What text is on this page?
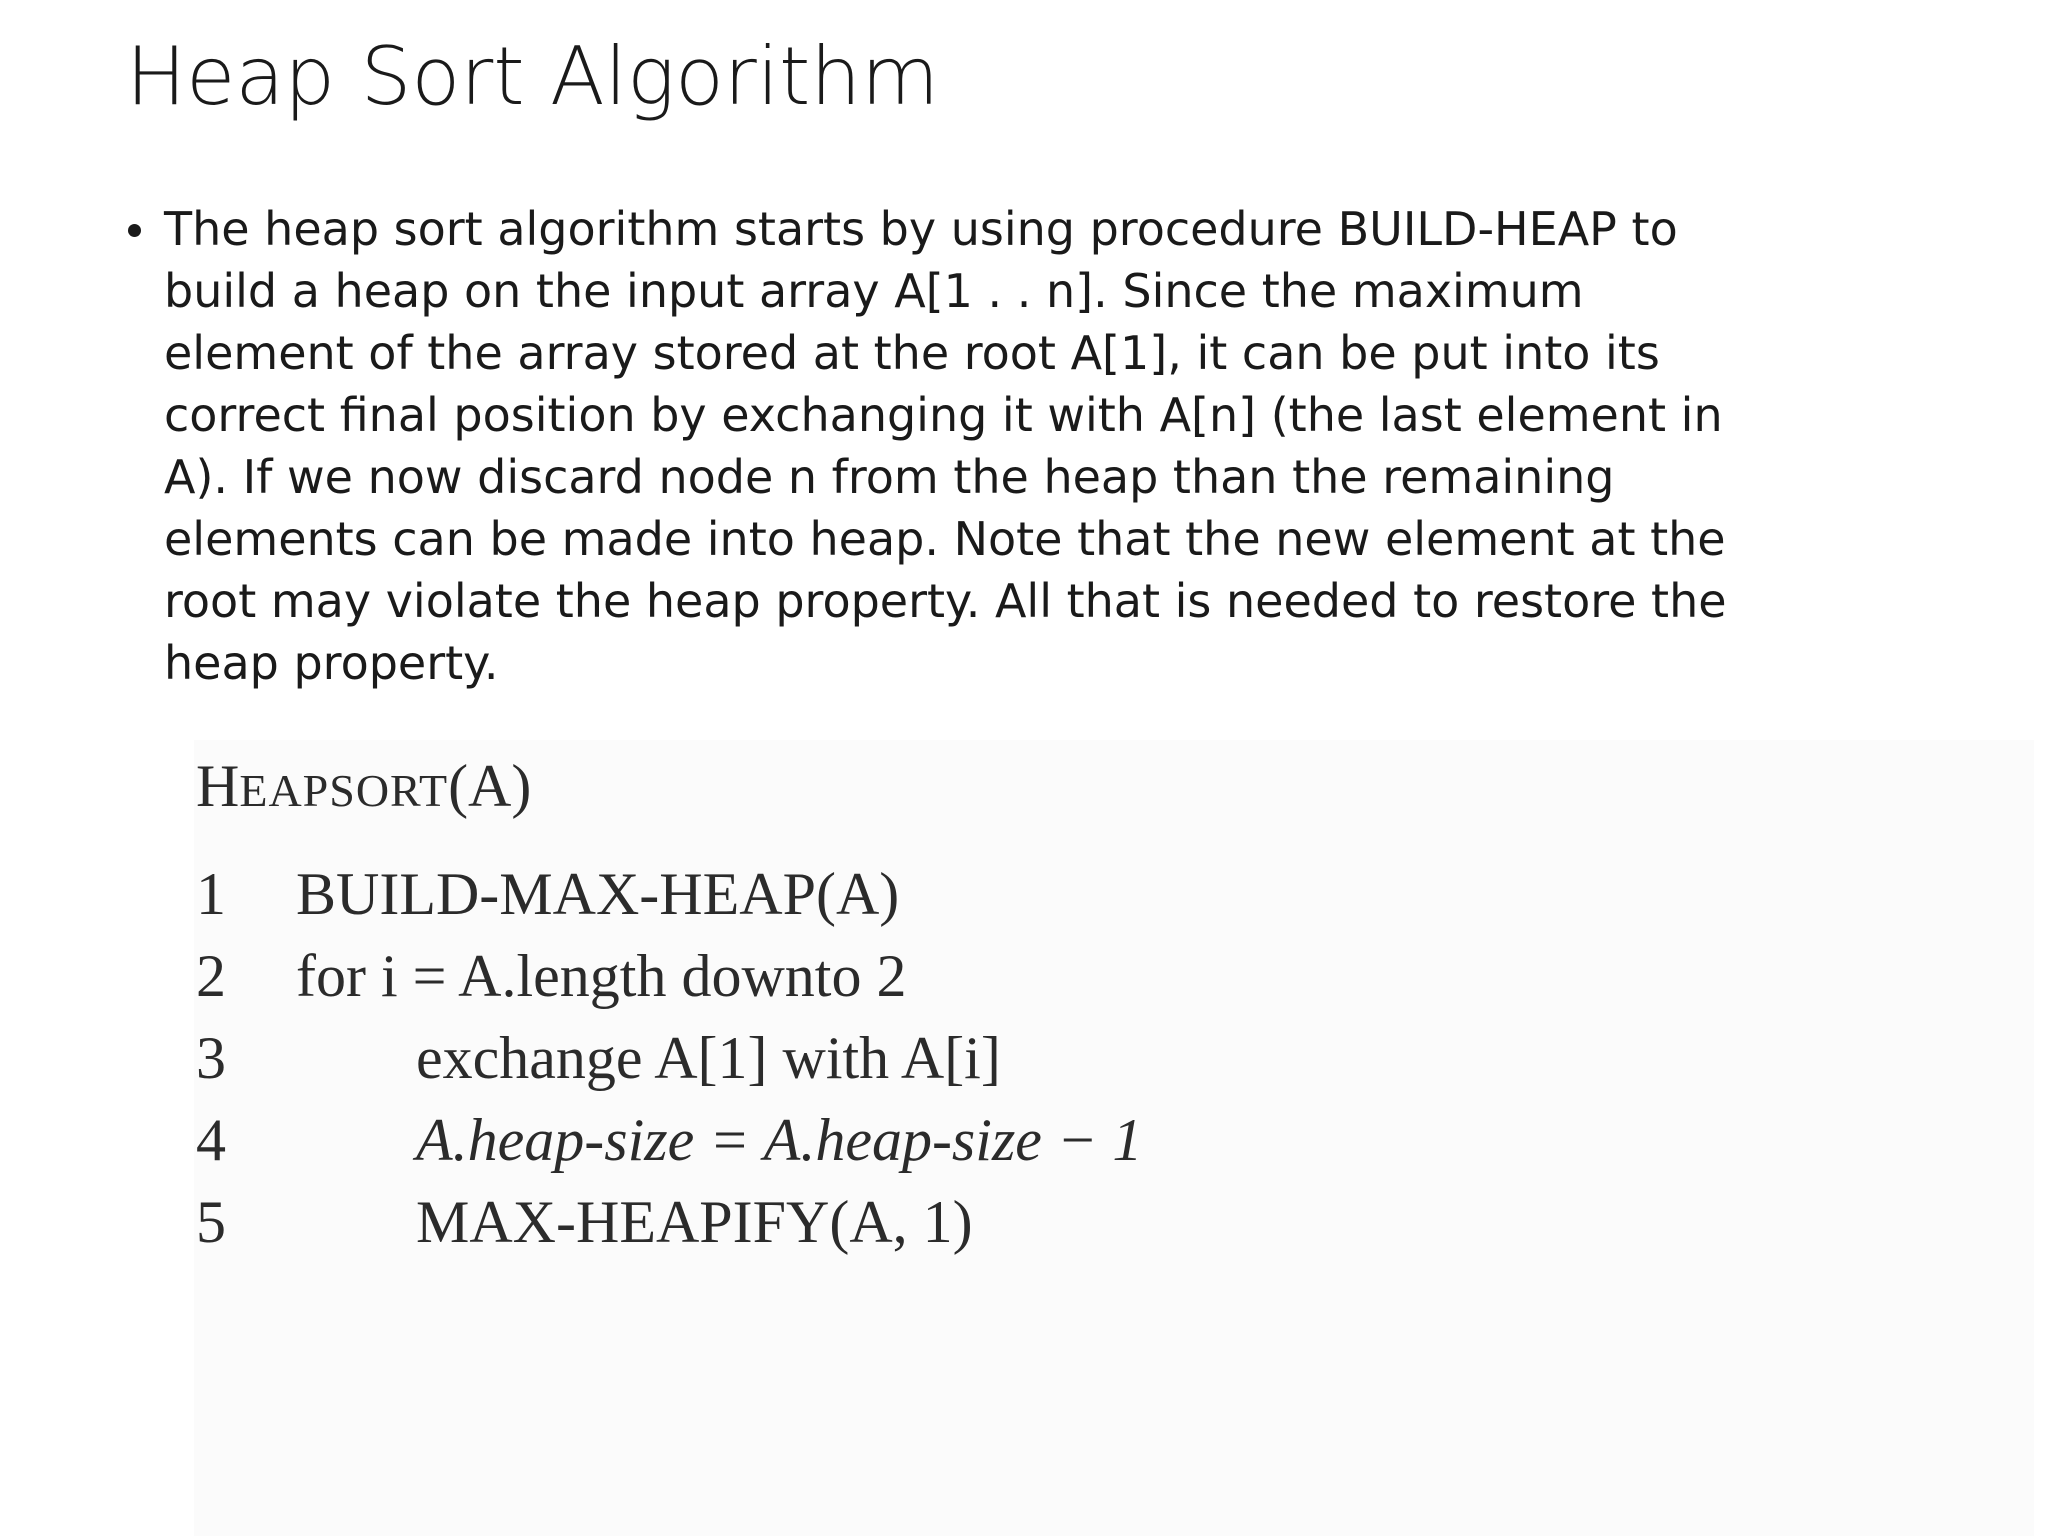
Heap Sort Algorithm
The heap sort algorithm starts by using procedure BUILD-HEAP to
build a heap on the input array A[1 . . n]. Since the maximum
element of the array stored at the root A[1], it can be put into its
correct final position by exchanging it with A[n] (the last element in
A). If we now discard node n from the heap than the remaining
elements can be made into heap. Note that the new element at the
root may violate the heap property. All that is needed to restore the
heap property.
HEAPSORT(A)
1 BUILD-MAX-HEAP(A)
2 for i = A.length downto 2
3	exchange A[1] with A[i]
4	A.heap-size = A.heap-size − 1
5	MAX-HEAPIFY(A, 1)
